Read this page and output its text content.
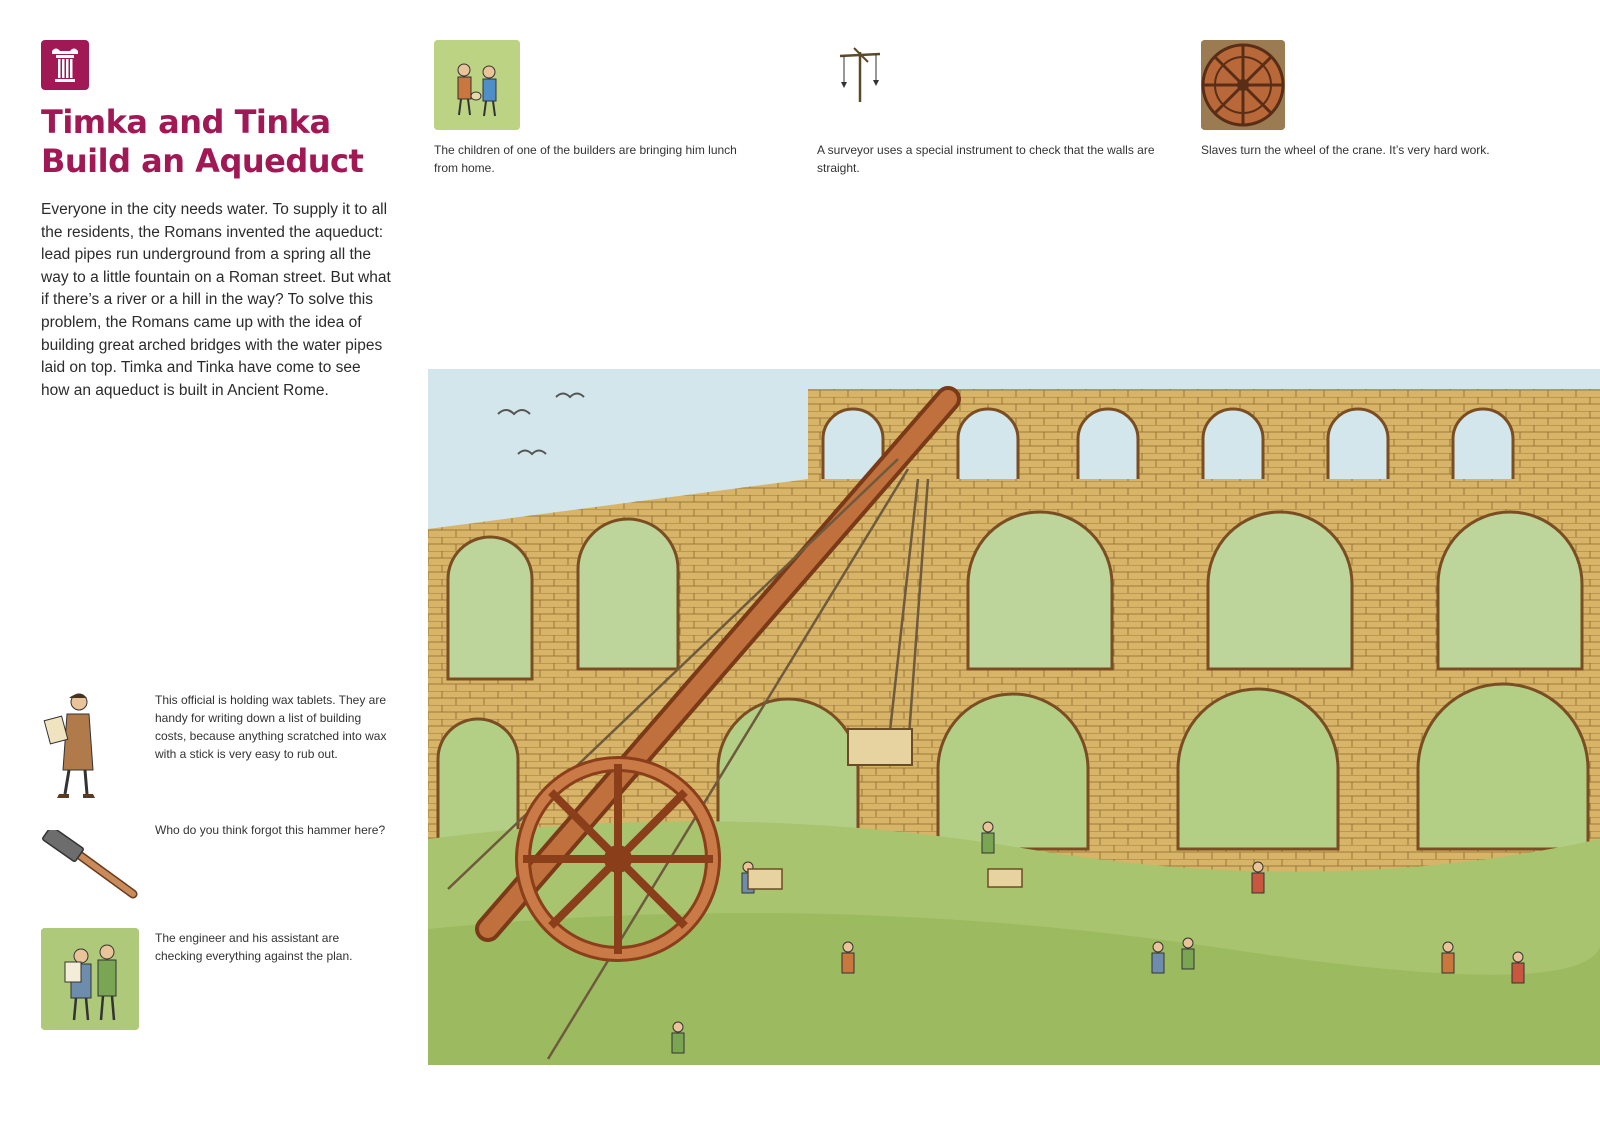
Timka and Tinka
Build an Aqueduct

Everyone in the city needs water. To supply it to all the residents, the Romans invented the aqueduct: lead pipes run underground from a spring all the way to a little fountain on a Roman street. But what if there’s a river or a hill in the way? To solve this problem, the Romans came up with the idea of building great arched bridges with the water pipes laid on top. Timka and Tinka have come to see how an aqueduct is built in Ancient Rome.

The children of one of the builders are bringing him lunch from home.

A surveyor uses a special instrument to check that the walls are straight.

Slaves turn the wheel of the crane. It’s very hard work.

This official is holding wax tablets. They are handy for writing down a list of building costs, because anything scratched into wax with a stick is very easy to rub out.

Who do you think forgot this hammer here?

The engineer and his assistant are checking everything against the plan.
